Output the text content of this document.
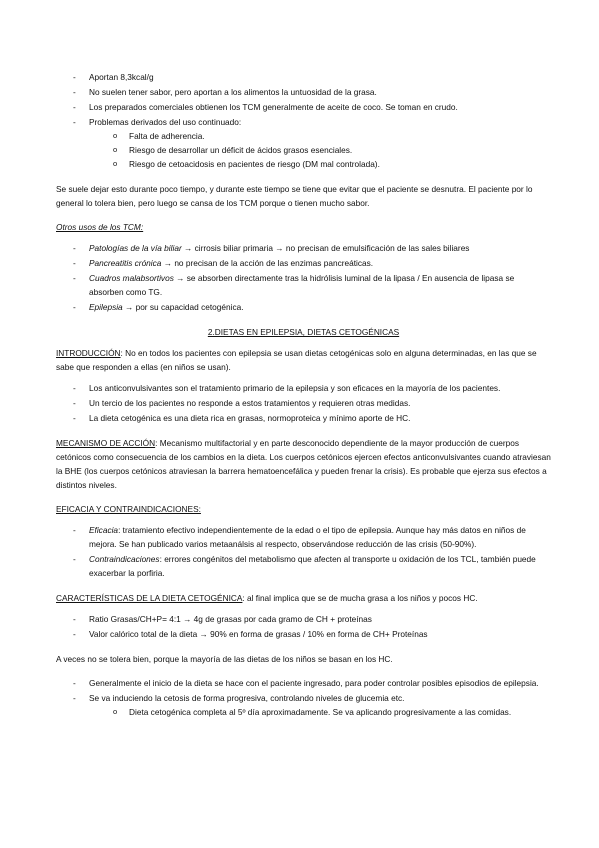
- Aportan 8,3kcal/g
- No suelen tener sabor, pero aportan a los alimentos la untuosidad de la grasa.
- Los preparados comerciales obtienen los TCM generalmente de aceite de coco. Se toman en crudo.
- Problemas derivados del uso continuado:
o Falta de adherencia.
o Riesgo de desarrollar un déficit de ácidos grasos esenciales.
o Riesgo de cetoacidosis en pacientes de riesgo (DM mal controlada).

Se suele dejar esto durante poco tiempo, y durante este tiempo se tiene que evitar que el paciente se desnutra. El paciente por lo general lo tolera bien, pero luego se cansa de los TCM porque o tienen mucho sabor.

Otros usos de los TCM:

- Patologías de la vía biliar → cirrosis biliar primaria → no precisan de emulsificación de las sales biliares
- Pancreatitis crónica → no precisan de la acción de las enzimas pancreáticas.
- Cuadros malabsortivos → se absorben directamente tras la hidrólisis luminal de la lipasa / En ausencia de lipasa se absorben como TG.
- Epilepsia → por su capacidad cetogénica.

2.DIETAS EN EPILEPSIA, DIETAS CETOGÉNICAS

INTRODUCCIÓN: No en todos los pacientes con epilepsia se usan dietas cetogénicas solo en alguna determinadas, en las que se sabe que responden a ellas (en niños se usan).

- Los anticonvulsivantes son el tratamiento primario de la epilepsia y son eficaces en la mayoría de los pacientes.
- Un tercio de los pacientes no responde a estos tratamientos y requieren otras medidas.
- La dieta cetogénica es una dieta rica en grasas, normoproteica y mínimo aporte de HC.

MECANISMO DE ACCIÓN: Mecanismo multifactorial y en parte desconocido dependiente de la mayor producción de cuerpos cetónicos como consecuencia de los cambios en la dieta. Los cuerpos cetónicos ejercen efectos anticonvulsivantes cuando atraviesan la BHE (los cuerpos cetónicos atraviesan la barrera hematoencefálica y pueden frenar la crisis). Es probable que ejerza sus efectos a distintos niveles.

EFICACIA Y CONTRAINDICACIONES:

- Eficacia: tratamiento efectivo independientemente de la edad o el tipo de epilepsia. Aunque hay más datos en niños de mejora. Se han publicado varios metaanálsis al respecto, observándose reducción de las crisis (50-90%).
- Contraindicaciones: errores congénitos del metabolismo que afecten al transporte u oxidación de los TCL, también puede exacerbar la porfiria.

CARACTERÍSTICAS DE LA DIETA CETOGÉNICA: al final implica que se de mucha grasa a los niños y pocos HC.

- Ratio Grasas/CH+P= 4:1 → 4g de grasas por cada gramo de CH + proteínas
- Valor calórico total de la dieta → 90% en forma de grasas / 10% en forma de CH+ Proteínas

A veces no se tolera bien, porque la mayoría de las dietas de los niños se basan en los HC.

- Generalmente el inicio de la dieta se hace con el paciente ingresado, para poder controlar posibles episodios de epilepsia.
- Se va induciendo la cetosis de forma progresiva, controlando niveles de glucemia etc.
o Dieta cetogénica completa al 5º día aproximadamente. Se va aplicando progresivamente a las comidas.
